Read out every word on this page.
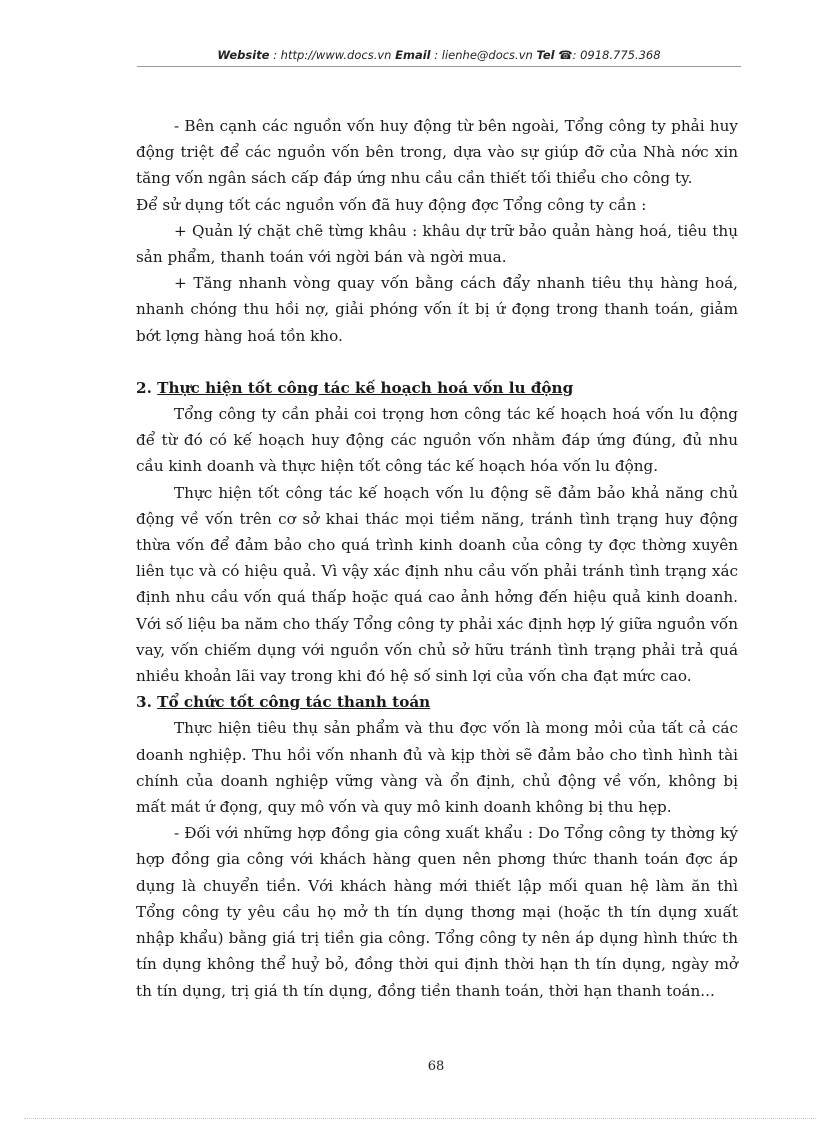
Website : http://www.docs.vn Email : lienhe@docs.vn Tel ☎: 0918.775.368

- Bên cạnh các nguồn vốn huy động từ bên ngoài, Tổng công ty phải huy động triệt để các nguồn vốn bên trong, dựa vào sự giúp đỡ của Nhà nớc xin tăng vốn ngân sách cấp đáp ứng nhu cầu cần thiết tối thiểu cho công ty.

Để sử dụng tốt các nguồn vốn đã huy động đợc Tổng công ty cần :

+ Quản lý chặt chẽ từng khâu : khâu dự trữ bảo quản hàng hoá, tiêu thụ sản phẩm, thanh toán với ngời bán và ngời mua.

+ Tăng nhanh vòng quay vốn bằng cách đẩy nhanh tiêu thụ hàng hoá, nhanh chóng thu hồi nợ, giải phóng vốn ít bị ứ đọng trong thanh toán, giảm bớt lợng hàng hoá tồn kho.

2. Thực hiện tốt công tác kế hoạch hoá vốn lu động

Tổng công ty cần phải coi trọng hơn công tác kế hoạch hoá vốn lu động để từ đó có kế hoạch huy động các nguồn vốn nhằm đáp ứng đúng, đủ nhu cầu kinh doanh và thực hiện tốt công tác kế hoạch hóa vốn lu động.

Thực hiện tốt công tác kế hoạch vốn lu động sẽ đảm bảo khả năng chủ động về vốn trên cơ sở khai thác mọi tiềm năng, tránh tình trạng huy động thừa vốn để đảm bảo cho quá trình kinh doanh của công ty đợc thờng xuyên liên tục và có hiệu quả. Vì vậy xác định nhu cầu vốn phải tránh tình trạng xác định nhu cầu vốn quá thấp hoặc quá cao ảnh hởng đến hiệu quả kinh doanh. Với số liệu ba năm cho thấy Tổng công ty phải xác định hợp lý giữa nguồn vốn vay, vốn chiếm dụng với nguồn vốn chủ sở hữu tránh tình trạng phải trả quá nhiều khoản lãi vay trong khi đó hệ số sinh lợi của vốn cha đạt mức cao.

3. Tổ chức tốt công tác thanh toán

Thực hiện tiêu thụ sản phẩm và thu đợc vốn là mong mỏi của tất cả các doanh nghiệp. Thu hồi vốn nhanh đủ và kịp thời sẽ đảm bảo cho tình hình tài chính của doanh nghiệp vững vàng và ổn định, chủ động về vốn, không bị mất mát ứ đọng, quy mô vốn và quy mô kinh doanh không bị thu hẹp.

- Đối với những hợp đồng gia công xuất khẩu : Do Tổng công ty thờng ký hợp đồng gia công với khách hàng quen nên phơng thức thanh toán đợc áp dụng là chuyển tiền. Với khách hàng mới thiết lập mối quan hệ làm ăn thì Tổng công ty yêu cầu họ mở th tín dụng thơng mại (hoặc th tín dụng xuất nhập khẩu) bằng giá trị tiền gia công. Tổng công ty nên áp dụng hình thức th tín dụng không thể huỷ bỏ, đồng thời qui định thời hạn th tín dụng, ngày mở th tín dụng, trị giá th tín dụng, đồng tiền thanh toán, thời hạn thanh toán...

68
